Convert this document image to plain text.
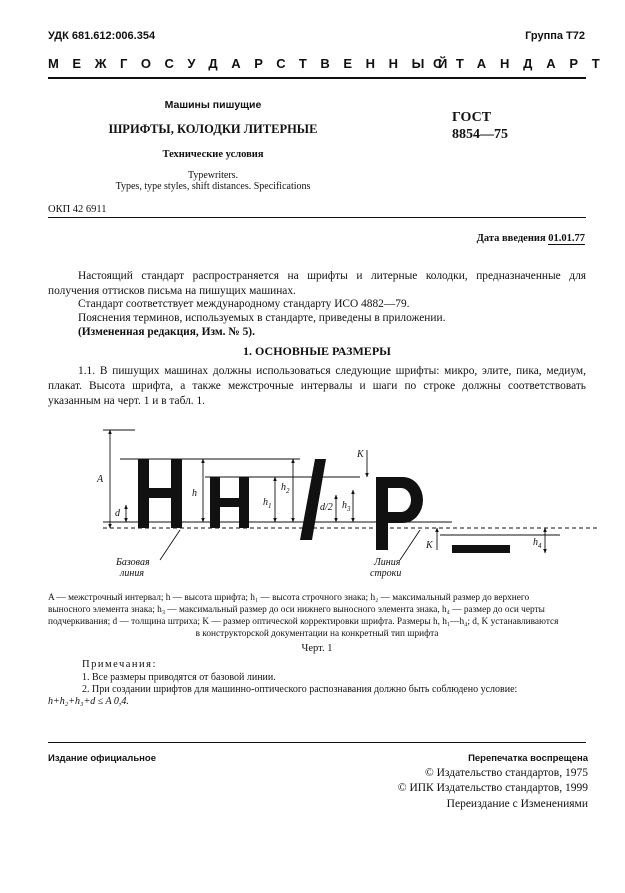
УДК 681.612:006.354	Группа Т72
МЕЖГОСУДАРСТВЕННЫЙ
СТАНДАРТ
Машины пишущие
ШРИФТЫ, КОЛОДКИ ЛИТЕРНЫЕ
Технические условия
ГОСТ
8854—75
Typewriters.
Types, type styles, shift distances. Specifications
ОКП 42 6911
Дата введения 01.01.77
Настоящий стандарт распространяется на шрифты и литерные колодки, предназначенные для получения оттисков письма на пишущих машинах.
Стандарт соответствует международному стандарту ИСО 4882—79.
Пояснения терминов, используемых в стандарте, приведены в приложении.
(Измененная редакция, Изм. № 5).
1. ОСНОВНЫЕ РАЗМЕРЫ
1.1. В пишущих машинах должны использоваться следующие шрифты: микро, элите, пика, медиум, плакат. Высота шрифта, а также межстрочные интервалы и шаги по строке должны соответствовать указанным на черт. 1 и в табл. 1.
A
d
h
$h_1$
$h_2$
d/2 $h_3$
K
K	$h_4$
Базовая
линия
Линия
строки
A — межстрочный интервал; h — высота шрифта; h₁ — высота строчного знака; h₂ — максимальный размер до верхнего
выносного элемента знака; h₃ — максимальный размер до оси нижнего выносного элемента знака, h₄ — размер до оси черты
подчеркивания; d — толщина штриха; K — размер оптической корректировки шрифта. Размеры h, h₁—h₄; d, K устанавливаются
в конструкторской документации на конкретный тип шрифта
Черт. 1
Примечания:
1. Все размеры приводятся от базовой линии.
2. При создании шрифтов для машинно-оптического распознавания должно быть соблюдено условие:
h+h₂+h₃+d ≤ A 0,4.
Издание официальное	Перепечатка воспрещена
© Издательство стандартов, 1975
© ИПК Издательство стандартов, 1999
Переиздание с Изменениями
